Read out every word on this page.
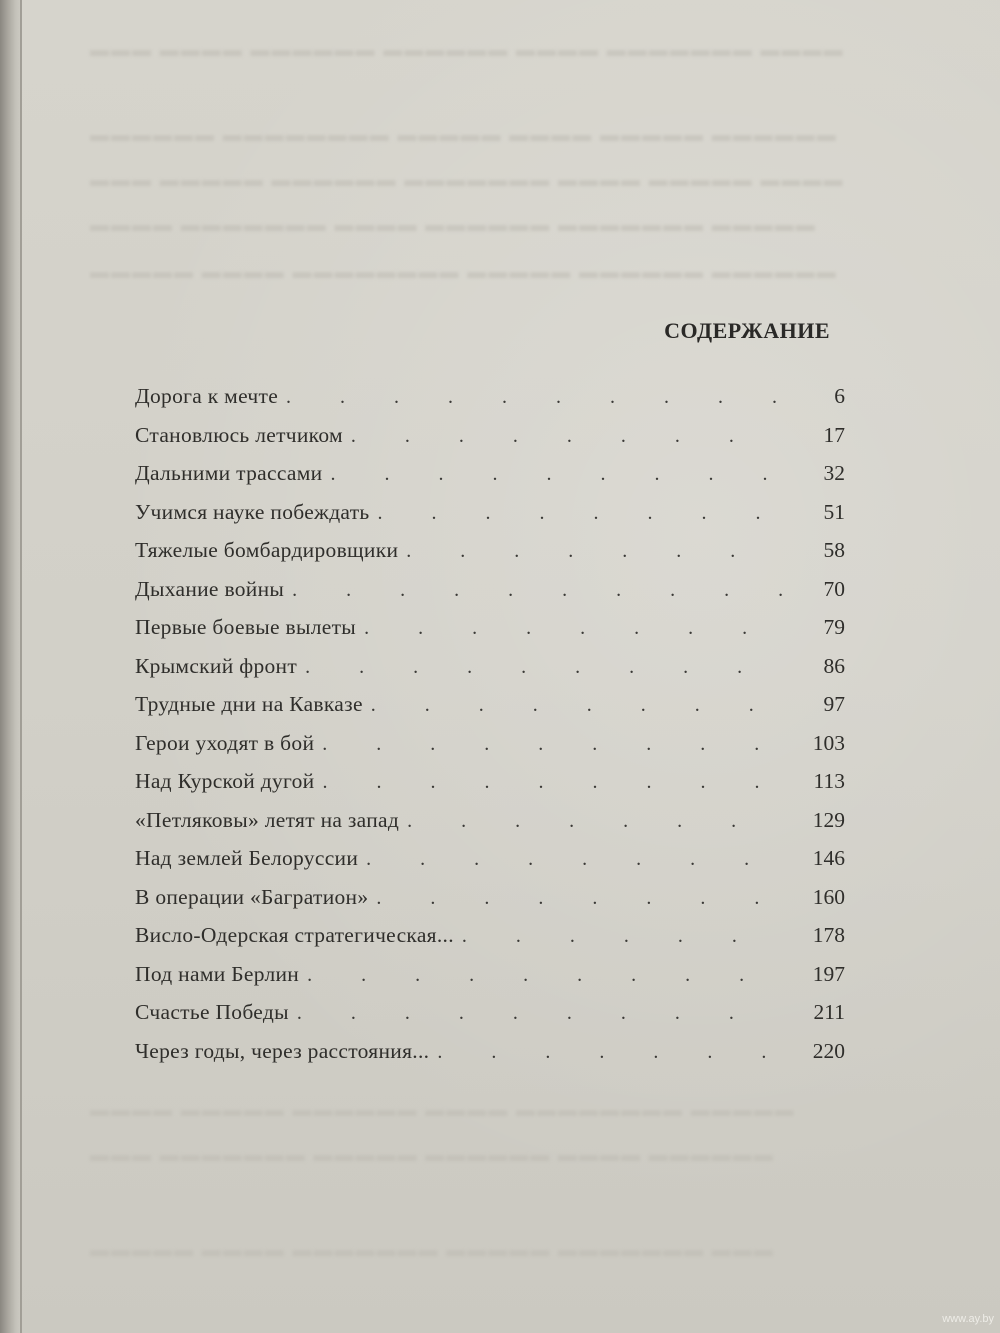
▬▬▬ ▬▬▬▬ ▬▬▬▬▬▬ ▬▬▬▬▬▬ ▬▬▬▬ ▬▬▬▬▬▬▬ ▬▬▬▬
▬▬▬▬▬▬ ▬▬▬▬▬▬▬▬ ▬▬▬▬▬ ▬▬▬▬ ▬▬▬▬▬ ▬▬▬▬▬▬
▬▬▬ ▬▬▬▬▬ ▬▬▬▬▬▬ ▬▬▬▬▬▬▬ ▬▬▬▬ ▬▬▬▬▬ ▬▬▬▬
▬▬▬▬ ▬▬▬▬▬▬▬ ▬▬▬▬ ▬▬▬▬▬▬ ▬▬▬▬▬▬▬ ▬▬▬▬▬
▬▬▬▬▬ ▬▬▬▬ ▬▬▬▬▬▬▬▬ ▬▬▬▬▬ ▬▬▬▬▬▬ ▬▬▬▬▬▬
▬▬▬▬ ▬▬▬▬▬ ▬▬▬▬▬▬ ▬▬▬▬ ▬▬▬▬▬▬▬▬ ▬▬▬▬▬
▬▬▬ ▬▬▬▬▬▬▬ ▬▬▬▬▬ ▬▬▬▬▬▬ ▬▬▬▬ ▬▬▬▬▬▬
▬▬▬▬▬ ▬▬▬▬ ▬▬▬▬▬▬▬ ▬▬▬▬▬ ▬▬▬▬▬▬▬ ▬▬▬
СОДЕРЖАНИЕ
Дорога к мечте . . .	6
Становлюсь летчиком . . .	17
Дальними трассами . . .	32
Учимся науке побеждать . . .	51
Тяжелые бомбардировщики . . .	58
Дыхание войны . . .	70
Первые боевые вылеты . . .	79
Крымский фронт . . .	86
Трудные дни на Кавказе . . .	97
Герои уходят в бой . . .	103
Над Курской дугой . . .	113
«Петляковы» летят на запад . . .	129
Над землей Белоруссии . . .	146
В операции «Багратион» . . .	160
Висло-Одерская стратегическая... . . .	178
Под нами Берлин . . .	197
Счастье Победы . . .	211
Через годы, через расстояния... . . .	220
www.ay.by
